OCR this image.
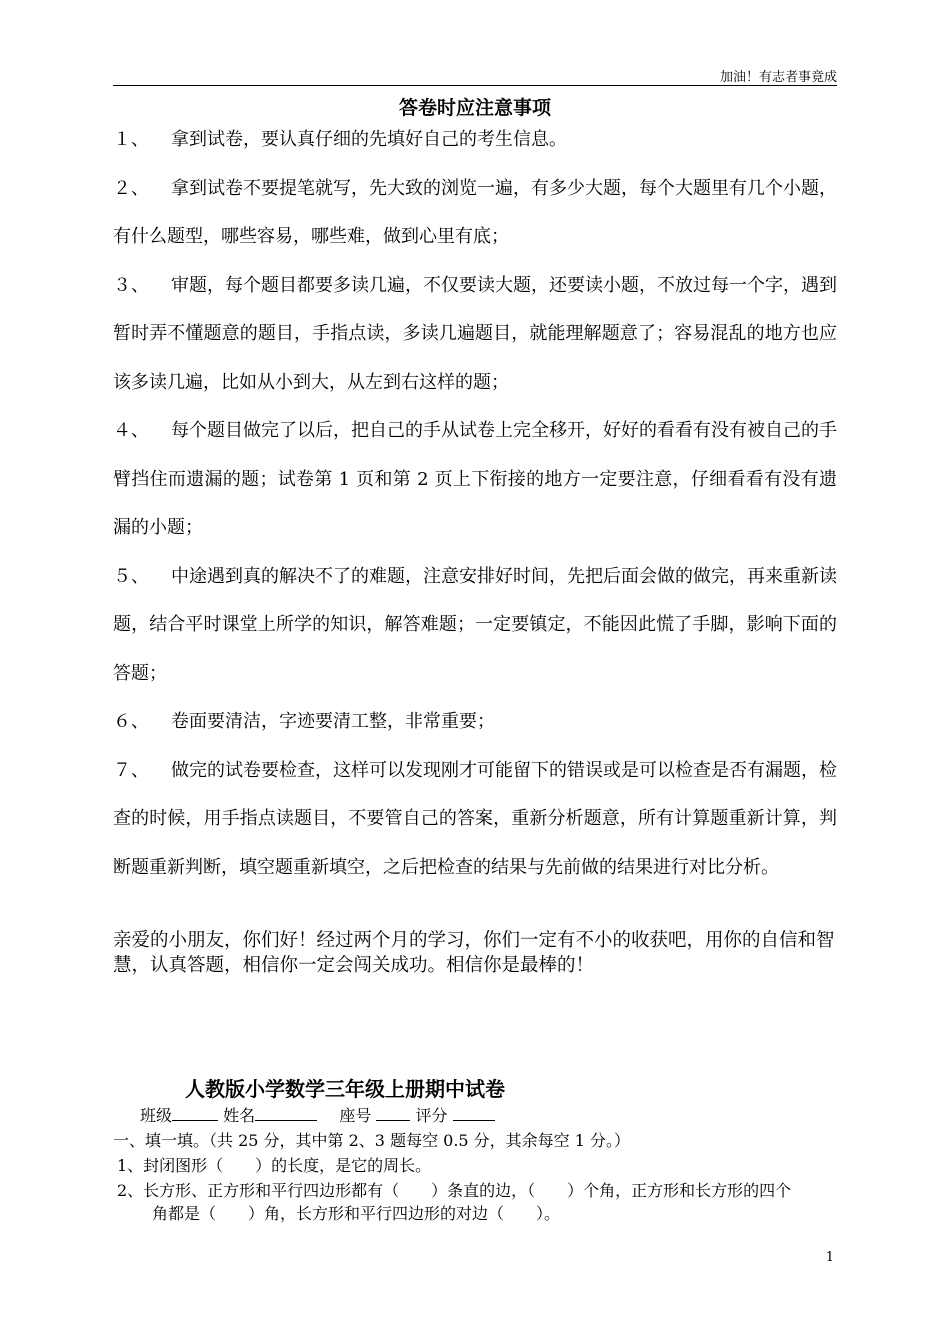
加油！有志者事竟成
答卷时应注意事项
１、 拿到试卷，要认真仔细的先填好自己的考生信息。
２、 拿到试卷不要提笔就写，先大致的浏览一遍，有多少大题，每个大题里有几个小题，有什么题型，哪些容易，哪些难，做到心里有底；
３、 审题，每个题目都要多读几遍，不仅要读大题，还要读小题，不放过每一个字，遇到暂时弄不懂题意的题目，手指点读，多读几遍题目，就能理解题意了；容易混乱的地方也应该多读几遍，比如从小到大，从左到右这样的题；
４、 每个题目做完了以后，把自己的手从试卷上完全移开，好好的看看有没有被自己的手臂挡住而遗漏的题；试卷第 1 页和第 2 页上下衔接的地方一定要注意，仔细看看有没有遗漏的小题；
５、 中途遇到真的解决不了的难题，注意安排好时间，先把后面会做的做完，再来重新读题，结合平时课堂上所学的知识，解答难题；一定要镇定，不能因此慌了手脚，影响下面的答题；
６、 卷面要清洁，字迹要清工整，非常重要；
７、 做完的试卷要检查，这样可以发现刚才可能留下的错误或是可以检查是否有漏题，检查的时候，用手指点读题目，不要管自己的答案，重新分析题意，所有计算题重新计算，判断题重新判断，填空题重新填空，之后把检查的结果与先前做的结果进行对比分析。
亲爱的小朋友，你们好！经过两个月的学习，你们一定有不小的收获吧，用你的自信和智慧，认真答题，相信你一定会闯关成功。相信你是最棒的！
人教版小学数学三年级上册期中试卷
班级	姓名	座号	评分
一、填一填。（共 25 分，其中第 2、3 题每空 0.5 分，其余每空 1 分。）
1、封闭图形（　　）的长度，是它的周长。
2、长方形、正方形和平行四边形都有（　　）条直的边，（　　）个角，正方形和长方形的四个
角都是（　　）角，长方形和平行四边形的对边（　　）。
1
